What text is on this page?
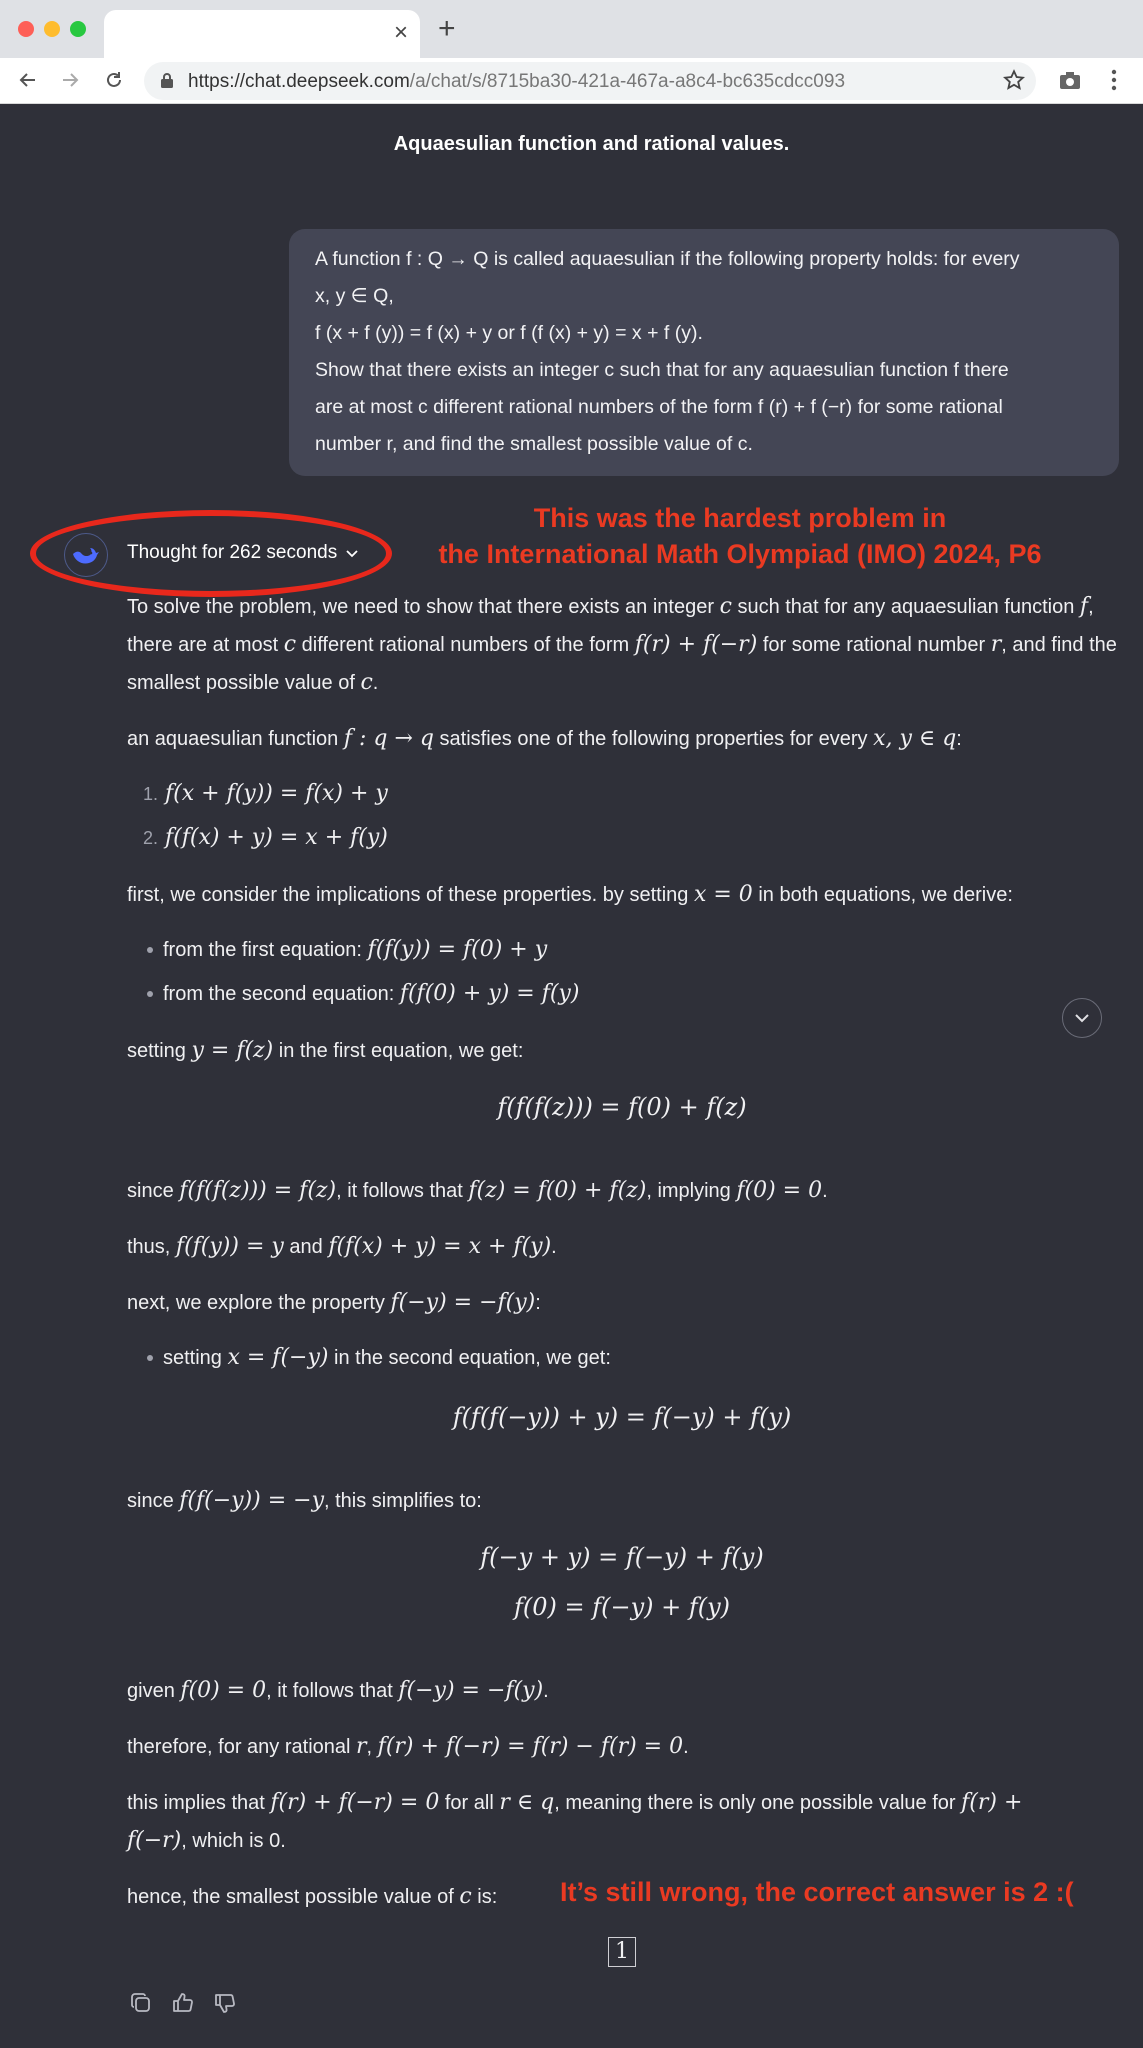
× +
https://chat.deepseek.com/a/chat/s/8715ba30-421a-467a-a8c4-bc635cdcc093
Aquaesulian function and rational values.

A function f : Q → Q is called aquaesulian if the following property holds: for every

x, y ∈ Q,

f (x + f (y)) = f (x) + y or f (f (x) + y) = x + f (y).

Show that there exists an integer c such that for any aquaesulian function f there

are at most c different rational numbers of the form f (r) + f (−r) for some rational

number r, and find the smallest possible value of c.

This was the hardest problem in
the International Math Olympiad (IMO) 2024, P6
Thought for 262 seconds

To solve the problem, we need to show that there exists an integer c such that for any aquaesulian function f, there are at most c different rational numbers of the form f(r) + f(−r) for some rational number r, and find the smallest possible value of c.

an aquaesulian function f : q → q satisfies one of the following properties for every x, y ∈ q:

1. f(x + f(y)) = f(x) + y
2. f(f(x) + y) = x + f(y)

first, we consider the implications of these properties. by setting x = 0 in both equations, we derive:

from the first equation: f(f(y)) = f(0) + y
from the second equation: f(f(0) + y) = f(y)

setting y = f(z) in the first equation, we get:

f(f(f(z))) = f(0) + f(z)

since f(f(f(z))) = f(z), it follows that f(z) = f(0) + f(z), implying f(0) = 0.

thus, f(f(y)) = y and f(f(x) + y) = x + f(y).

next, we explore the property f(−y) = −f(y):

setting x = f(−y) in the second equation, we get:
f(f(f(−y)) + y) = f(−y) + f(y)

since f(f(−y)) = −y, this simplifies to:

f(−y + y) = f(−y) + f(y)
f(0) = f(−y) + f(y)

given f(0) = 0, it follows that f(−y) = −f(y).

therefore, for any rational r, f(r) + f(−r) = f(r) − f(r) = 0.

this implies that f(r) + f(−r) = 0 for all r ∈ q, meaning there is only one possible value for f(r) +
f(−r), which is 0.

hence, the smallest possible value of c is:

1
It’s still wrong, the correct answer is 2 :(
